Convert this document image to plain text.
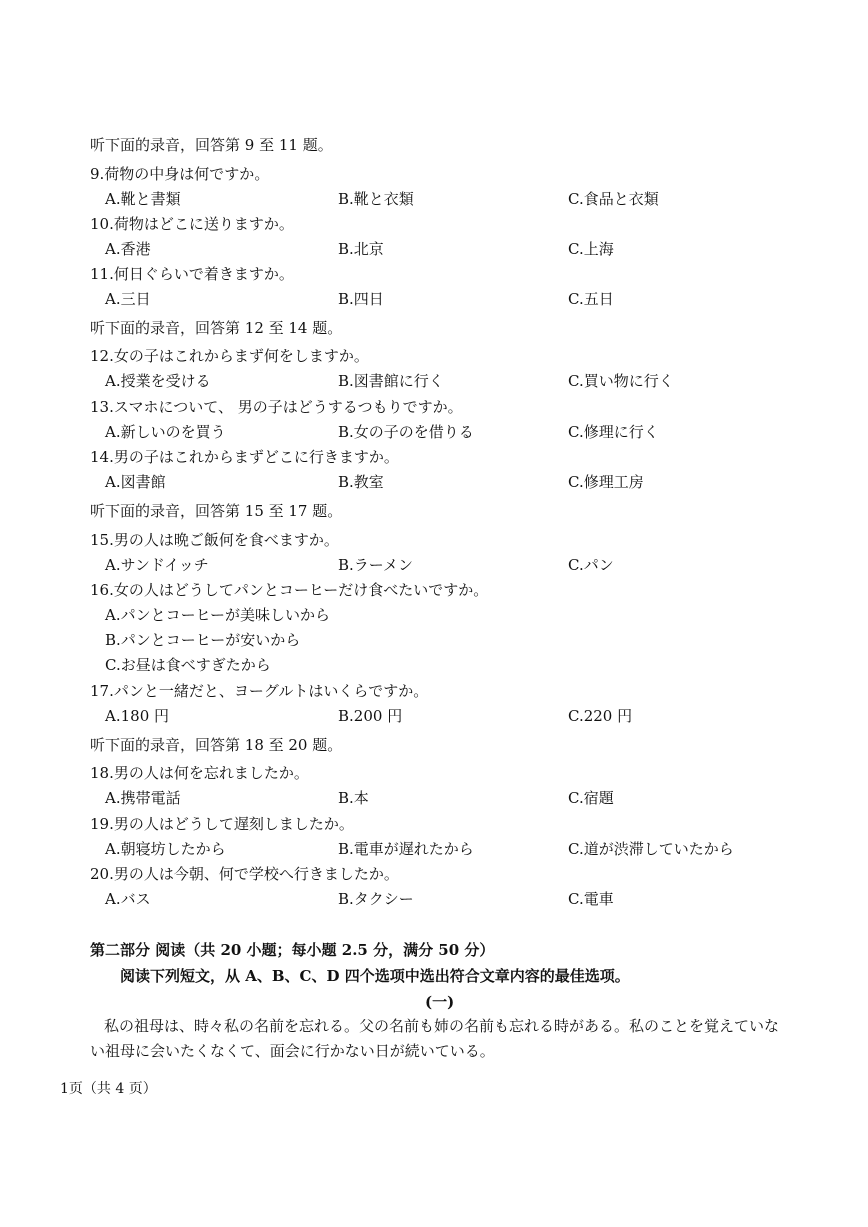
听下面的录音，回答第 9 至 11 题。
9.荷物の中身は何ですか。
A.靴と書類	B.靴と衣類	C.食品と衣類
10.荷物はどこに送りますか。
A.香港	B.北京	C.上海
11.何日ぐらいで着きますか。
A.三日	B.四日	C.五日
听下面的录音，回答第 12 至 14 题。
12.女の子はこれからまず何をしますか。
A.授業を受ける	B.図書館に行く	C.買い物に行く
13.スマホについて、 男の子はどうするつもりですか。
A.新しいのを買う	B.女の子のを借りる	C.修理に行く
14.男の子はこれからまずどこに行きますか。
A.図書館	B.教室	C.修理工房
听下面的录音，回答第 15 至 17 题。
15.男の人は晩ご飯何を食べますか。
A.サンドイッチ	B.ラーメン	C.パン
16.女の人はどうしてパンとコーヒーだけ食べたいですか。
A.パンとコーヒーが美味しいから
B.パンとコーヒーが安いから
C.お昼は食べすぎたから
17.パンと一緒だと、ヨーグルトはいくらですか。
A.180 円	B.200 円	C.220 円
听下面的录音，回答第 18 至 20 题。
18.男の人は何を忘れましたか。
A.携帯電話	B.本	C.宿題
19.男の人はどうして遅刻しましたか。
A.朝寝坊したから	B.電車が遅れたから	C.道が渋滞していたから
20.男の人は今朝、何で学校へ行きましたか。
A.バス	B.タクシー	C.電車
第二部分 阅读（共 20 小题；每小题 2.5 分，满分 50 分）
阅读下列短文，从 A、B、C、D 四个选项中选出符合文章内容的最佳选项。
(一)
私の祖母は、時々私の名前を忘れる。父の名前も姉の名前も忘れる時がある。私のことを覚えていない祖母に会いたくなくて、面会に行かない日が続いている。
1页（共 4 页）
